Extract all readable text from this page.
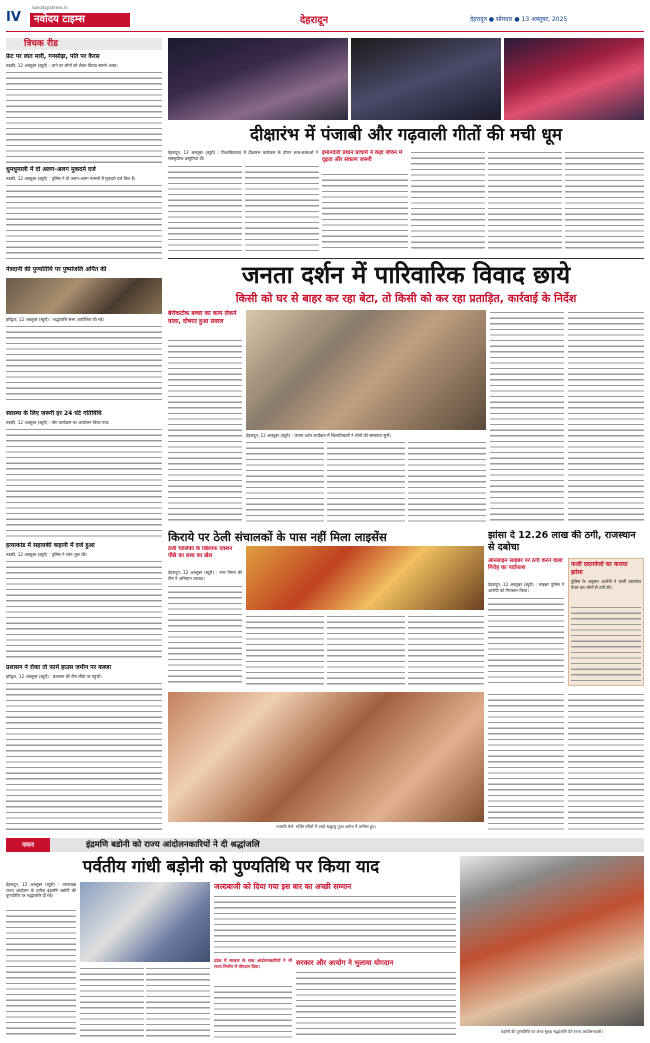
IV
navodayatimes.in
नवोदय टाइम्स	देहरादून	देहरादून ● सोमवार ● 13 अक्तूबर, 2025
त्रिचक रीड
फ्रेट पर लात मारी, गनसोढ़ा, पति पर कैरस
रुड़की, 12 अक्तूबर (ब्यूरो) : थाने पर लोगों को लेकर विवाद सामने आया।
धुमधुमाली में दो अलग-अलग मुकदमे दर्ज
रुड़की, 12 अक्तूबर (ब्यूरो) : पुलिस ने दो अलग-अलग मामलों में मुकदमे दर्ज किए हैं।
नेत्रदानी की पुण्यतिथि पर पुष्पांजलि अर्पित की
हरिद्वार, 12 अक्तूबर (ब्यूरो) : श्रद्धांजलि सभा आयोजित की गई।
स्वास्थ्य के लिए जरूरी हर 24 घंटे गतिविधि
रुड़की, 12 अक्तूबर (ब्यूरो) : योग कार्यक्रम का आयोजन किया गया।
हत्याकांड में सहायकी कहानी में दर्ज हुआ
रुड़की, 12 अक्तूबर (ब्यूरो) : पुलिस ने जांच शुरू की।
प्रशासन ने रोका तो फार्म हाउस जमीन पर कब्जा
हरिद्वार, 12 अक्तूबर (ब्यूरो) : प्रशासन की टीम मौके पर पहुंची।
दीक्षारंभ में पंजाबी और गढ़वाली गीतों की मची धूम
इमानदारी प्रधान प्राचार्य ने कहा जीवन में दृढ़ता और संकल्प जरूरी
देहरादून, 12 अक्तूबर (ब्यूरो) : विश्वविद्यालय में दीक्षारंभ कार्यक्रम के दौरान छात्र-छात्राओं ने सांस्कृतिक प्रस्तुतियां दीं।
जनता दर्शन में पारिवारिक विवाद छाये
किसी को घर से बाहर कर रहा बेटा, तो किसी को कर रहा प्रताड़ित, कार्रवाई के निर्देश
बेरोकटोक बच्चा का काम रोकने वाला, दोषरत हुआ सवाल
देहरादून, 12 अक्तूबर (ब्यूरो) : जनता दर्शन कार्यक्रम में जिलाधिकारी ने लोगों की समस्याएं सुनीं।
किराये पर ठेली संचालकों के पास नहीं मिला लाइसेंस
ठेली चालिकों के खिलाफ एक्शन पीछे का साथ का खेल
देहरादून, 12 अक्तूबर (ब्यूरो) : नगर निगम की टीम ने अभियान चलाया।
झांसा दे 12.26 लाख की ठगी, राजस्थान से दबोचा
ऑनलाइन साइबर पर ठगी करने वाला गिरोह का पर्दाफाश
देहरादून, 12 अक्तूबर (ब्यूरो) : साइबर पुलिस ने आरोपी को गिरफ्तार किया।
फर्जी दस्तावेजों का कराया झांसा
पुलिस के अनुसार आरोपी ने फर्जी दस्तावेज तैयार कर लोगों से ठगी की।
नवरात्रि मेले: भक्ति मंदिरों में उमड़े श्रद्धालु पूजा अर्चना में शामिल हुए।
नमन	इंद्रमणि बडोनी को राज्य आंदोलनकारियों ने दी श्रद्धांजलि
पर्वतीय गांधी बड़ोनी को पुण्यतिथि पर किया याद
देहरादून, 12 अक्तूबर (ब्यूरो) : उत्तराखंड राज्य आंदोलन के प्रणेता इंद्रमणि बडोनी की पुण्यतिथि पर श्रद्धांजलि दी गई।
जल्दबाजी को दिया गया इस बार का अच्छी सम्मान
सरकार और आयोग ने भुलाया योगदान
प्रदेश में सरकार के साथ आंदोलनकारियों ने भी राज्य निर्माण में योगदान दिया।
बड़ोनी की पुण्यतिथि पर आज सुबह श्रद्धांजलि देते राज्य आंदोलनकारी।
